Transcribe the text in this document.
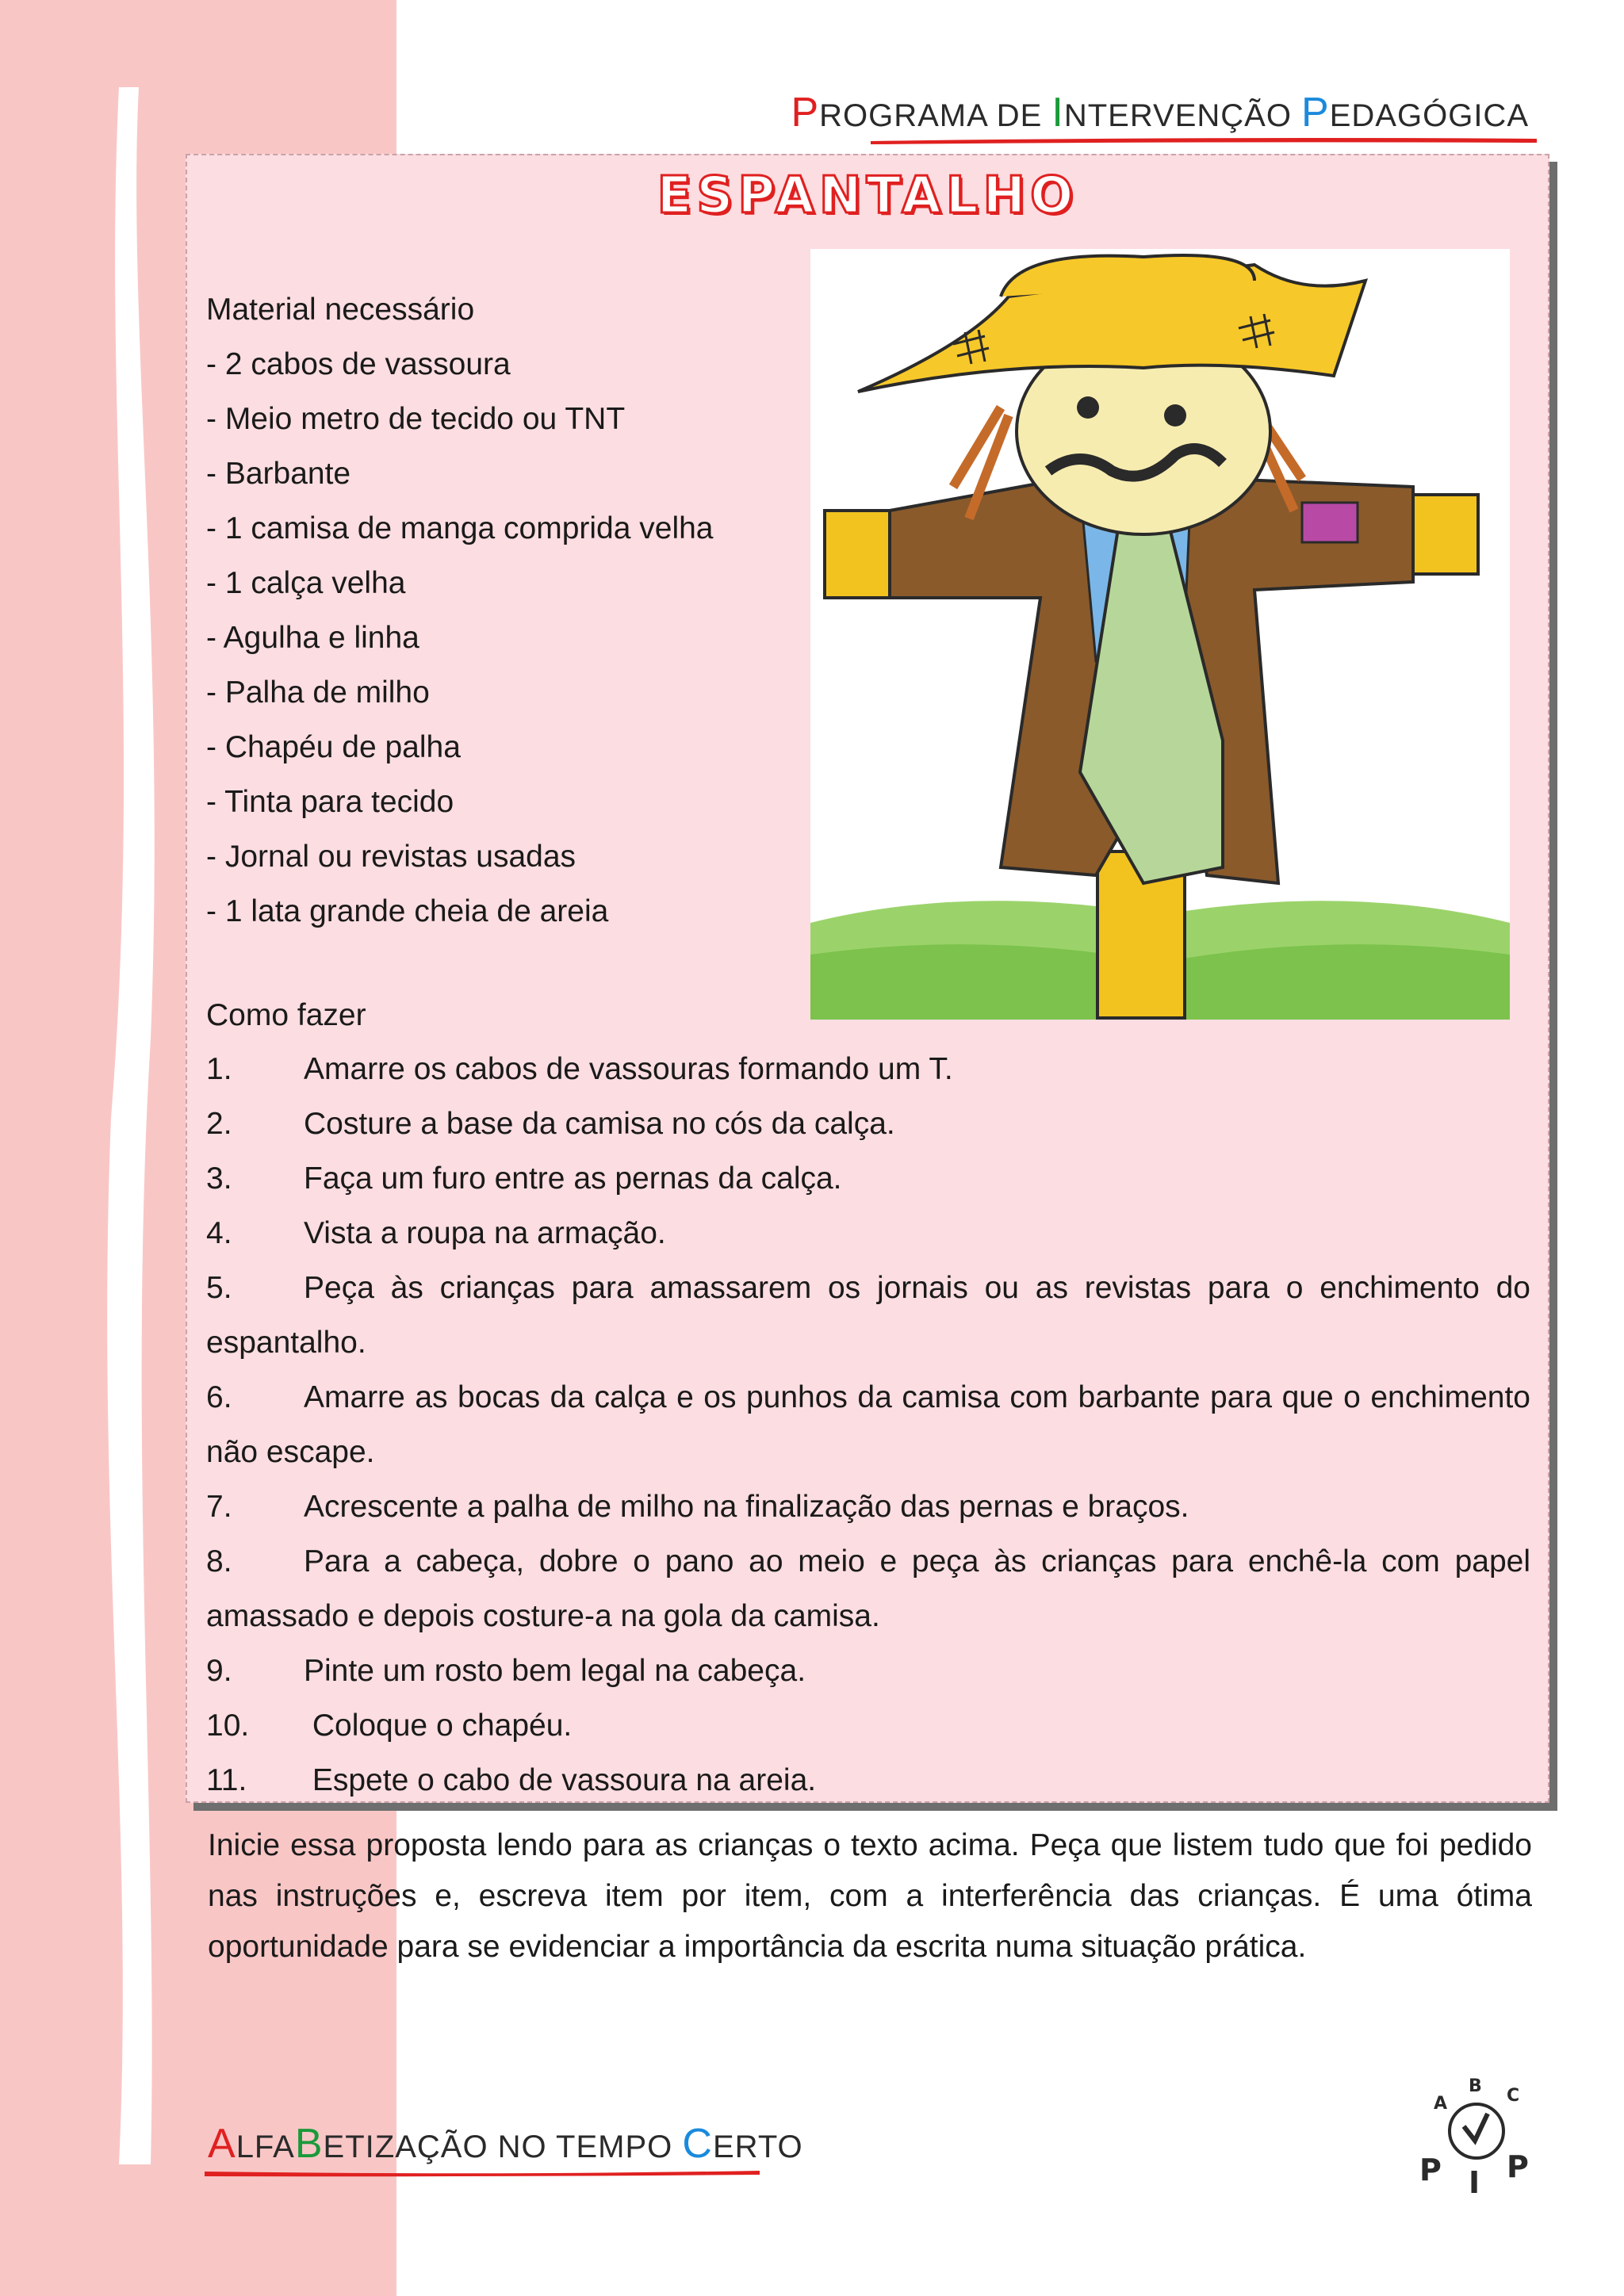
PROGRAMA DE INTERVENÇÃO PEDAGÓGICA
ESPANTALHO
Material necessário
- 2 cabos de vassoura
- Meio metro de tecido ou TNT
- Barbante
- 1 camisa de manga comprida velha
- 1 calça velha
- Agulha e linha
- Palha de milho
- Chapéu de palha
- Tinta para tecido
- Jornal ou revistas usadas
- 1 lata grande cheia de areia
Como fazer
1. Amarre os cabos de vassouras formando um T.
2. Costure a base da camisa no cós da calça.
3. Faça um furo entre as pernas da calça.
4. Vista a roupa na armação.
5. Peça às crianças para amassarem os jornais ou as revistas para o enchimento do espantalho.
6. Amarre as bocas da calça e os punhos da camisa com barbante para que o enchimento não escape.
7. Acrescente a palha de milho na finalização das pernas e braços.
8. Para a cabeça, dobre o pano ao meio e peça às crianças para enchê-la com papel amassado e depois costure-a na gola da camisa.
9. Pinte um rosto bem legal na cabeça.
10. Coloque o chapéu.
11. Espete o cabo de vassoura na areia.
Inicie essa proposta lendo para as crianças o texto acima. Peça que listem tudo que foi pedido nas instruções e, escreva item por item, com a interferência das crianças. É uma ótima oportunidade para se evidenciar a importância da escrita numa situação prática.
ALFABETIZAÇÃO NO TEMPO CERTO
A
B C
P I P
